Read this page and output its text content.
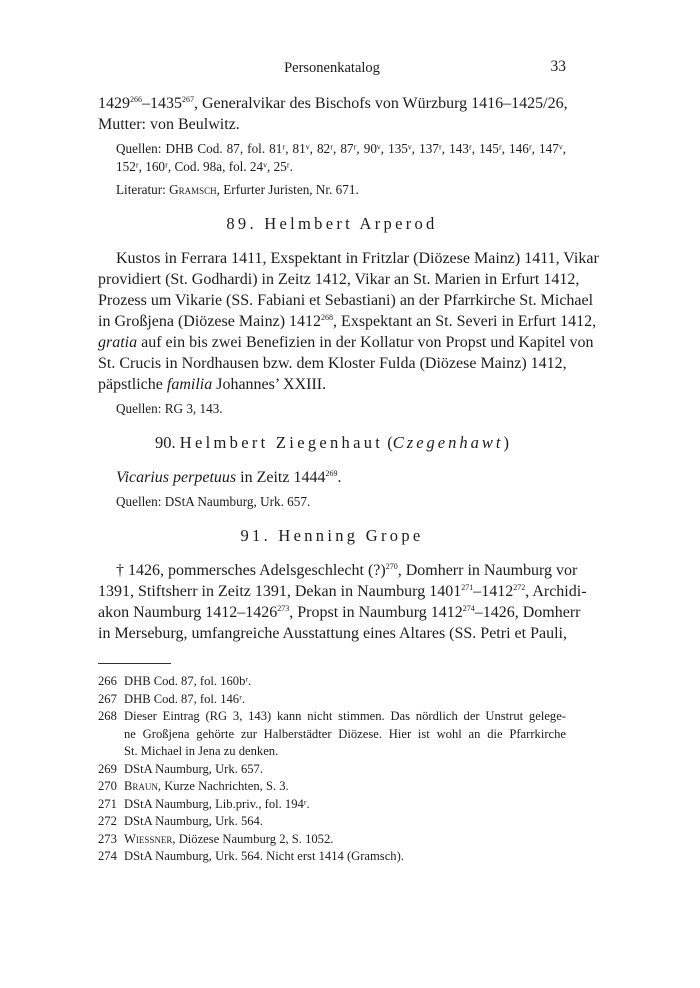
Personenkatalog	33

1429$^{266}$–1435$^{267}$, Generalvikar des Bischofs von Würzburg 1416–1425/26,

Mutter: von Beulwitz.

Quellen: DHB Cod. 87, fol. 81ʳ, 81ᵛ, 82ʳ, 87ʳ, 90ᵛ, 135ᵛ, 137ʳ, 143ʳ, 145ʳ, 146ʳ, 147ᵛ,

152ʳ, 160ʳ, Cod. 98a, fol. 24ᵛ, 25ʳ.

Literatur: Gramsch, Erfurter Juristen, Nr. 671.

89. Helmbert Arperod

Kustos in Ferrara 1411, Exspektant in Fritzlar (Diözese Mainz) 1411, Vikar

providiert (St. Godhardi) in Zeitz 1412, Vikar an St. Marien in Erfurt 1412,

Prozess um Vikarie (SS. Fabiani et Sebastiani) an der Pfarrkirche St. Michael

in Großjena (Diözese Mainz) 1412$^{268}$, Exspektant an St. Severi in Erfurt 1412,

gratia auf ein bis zwei Benefizien in der Kollatur von Propst und Kapitel von

St. Crucis in Nordhausen bzw. dem Kloster Fulda (Diözese Mainz) 1412,

päpstliche familia Johannes’ XXIII.

Quellen: RG 3, 143.

90. Helmbert Ziegenhaut (Czegenhawt)

Vicarius perpetuus in Zeitz 1444$^{269}$.

Quellen: DStA Naumburg, Urk. 657.

91. Henning Grope

† 1426, pommersches Adelsgeschlecht (?)$^{270}$, Domherr in Naumburg vor

1391, Stiftsherr in Zeitz 1391, Dekan in Naumburg 1401$^{271}$–1412$^{272}$, Archidi-

akon Naumburg 1412–1426$^{273}$, Propst in Naumburg 1412$^{274}$–1426, Domherr

in Merseburg, umfangreiche Ausstattung eines Altares (SS. Petri et Pauli,

266 DHB Cod. 87, fol. 160bʳ.
267 DHB Cod. 87, fol. 146ʳ.
268 Dieser Eintrag (RG 3, 143) kann nicht stimmen. Das nördlich der Unstrut gelege-
ne Großjena gehörte zur Halberstädter Diözese. Hier ist wohl an die Pfarrkirche
St. Michael in Jena zu denken.
269 DStA Naumburg, Urk. 657.
270 Braun, Kurze Nachrichten, S. 3.
271 DStA Naumburg, Lib.priv., fol. 194ʳ.
272 DStA Naumburg, Urk. 564.
273 Wiessner, Diözese Naumburg 2, S. 1052.
274 DStA Naumburg, Urk. 564. Nicht erst 1414 (Gramsch).
